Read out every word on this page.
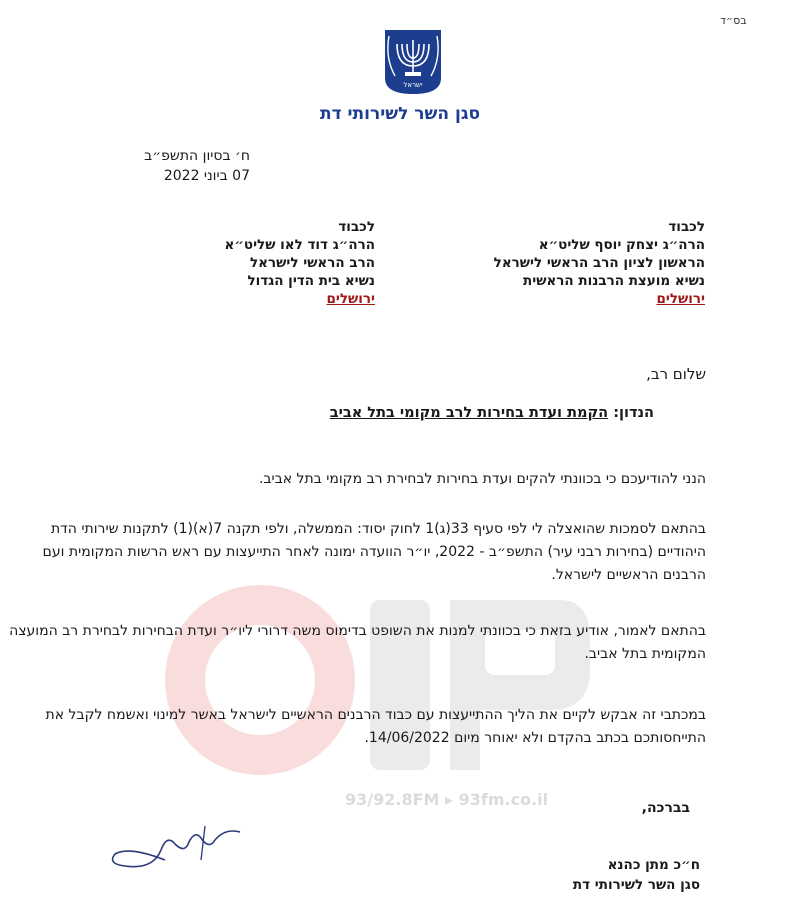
בס״ד
ישראל
סגן השר לשירותי דת
ח׳ בסיון התשפ״ב
07 ביוני 2022
לכבוד
הרה״ג יצחק יוסף שליט״א
הראשון לציון הרב הראשי לישראל
נשיא מועצת הרבנות הראשית
ירושלים
לכבוד
הרה״ג דוד לאו שליט״א
הרב הראשי לישראל
נשיא בית הדין הגדול
ירושלים
שלום רב,
הנדון: הקמת ועדת בחירות לרב מקומי בתל אביב
93/92.8FM ▸ 93fm.co.il
הנני להודיעכם כי בכוונתי להקים ועדת בחירות לבחירת רב מקומי בתל אביב.
בהתאם לסמכות שהואצלה לי לפי סעיף 33(ג)1 לחוק יסוד: הממשלה, ולפי תקנה 7(א)(1) לתקנות שירותי הדת היהודיים (בחירות רבני עיר) התשפ״ב - 2022, יו״ר הוועדה ימונה לאחר התייעצות עם ראש הרשות המקומית ועם הרבנים הראשיים לישראל.
בהתאם לאמור, אודיע בזאת כי בכוונתי למנות את השופט בדימוס משה דרורי ליו״ר ועדת הבחירות לבחירת רב המועצה המקומית בתל אביב.
במכתבי זה אבקש לקיים את הליך ההתייעצות עם כבוד הרבנים הראשיים לישראל באשר למינוי ואשמח לקבל את התייחסותכם בכתב בהקדם ולא יאוחר מיום 14/06/2022.
בברכה,
ח״כ מתן כהנא
סגן השר לשירותי דת
